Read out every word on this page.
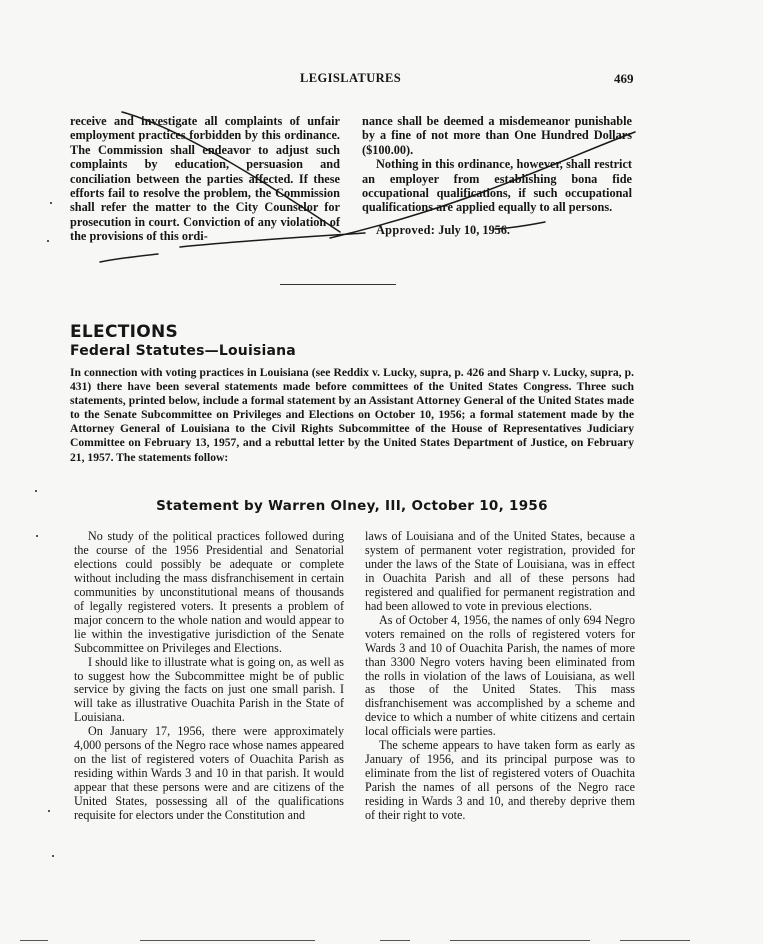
LEGISLATURES	469

receive and investigate all complaints of unfair employment practices forbidden by this ordinance. The Commission shall endeavor to adjust such complaints by education, persuasion and conciliation between the parties affected. If these efforts fail to resolve the problem, the Commission shall refer the matter to the City Counselor for prosecution in court. Conviction of any violation of the provisions of this ordi-

nance shall be deemed a misdemeanor punishable by a fine of not more than One Hundred Dollars ($100.00).

Nothing in this ordinance, however, shall restrict an employer from establishing bona fide occupational qualifications, if such occupational qualifications are applied equally to all persons.

Approved: July 10, 1956.

ELECTIONS
Federal Statutes—Louisiana

In connection with voting practices in Louisiana (see Reddix v. Lucky, supra, p. 426 and Sharp v. Lucky, supra, p. 431) there have been several statements made before committees of the United States Congress. Three such statements, printed below, include a formal statement by an Assistant Attorney General of the United States made to the Senate Subcommittee on Privileges and Elections on October 10, 1956; a formal statement made by the Attorney General of Louisiana to the Civil Rights Subcommittee of the House of Representatives Judiciary Committee on February 13, 1957, and a rebuttal letter by the United States Department of Justice, on February 21, 1957. The statements follow:

Statement by Warren Olney, III, October 10, 1956

No study of the political practices followed during the course of the 1956 Presidential and Senatorial elections could possibly be adequate or complete without including the mass disfranchisement in certain communities by unconstitutional means of thousands of legally registered voters. It presents a problem of major concern to the whole nation and would appear to lie within the investigative jurisdiction of the Senate Subcommittee on Privileges and Elections.

I should like to illustrate what is going on, as well as to suggest how the Subcommittee might be of public service by giving the facts on just one small parish. I will take as illustrative Ouachita Parish in the State of Louisiana.

On January 17, 1956, there were approximately 4,000 persons of the Negro race whose names appeared on the list of registered voters of Ouachita Parish as residing within Wards 3 and 10 in that parish. It would appear that these persons were and are citizens of the United States, possessing all of the qualifications requisite for electors under the Constitution and

laws of Louisiana and of the United States, because a system of permanent voter registration, provided for under the laws of the State of Louisiana, was in effect in Ouachita Parish and all of these persons had registered and qualified for permanent registration and had been allowed to vote in previous elections.

As of October 4, 1956, the names of only 694 Negro voters remained on the rolls of registered voters for Wards 3 and 10 of Ouachita Parish, the names of more than 3300 Negro voters having been eliminated from the rolls in violation of the laws of Louisiana, as well as those of the United States. This mass disfranchisement was accomplished by a scheme and device to which a number of white citizens and certain local officials were parties.

The scheme appears to have taken form as early as January of 1956, and its principal purpose was to eliminate from the list of registered voters of Ouachita Parish the names of all persons of the Negro race residing in Wards 3 and 10, and thereby deprive them of their right to vote.
